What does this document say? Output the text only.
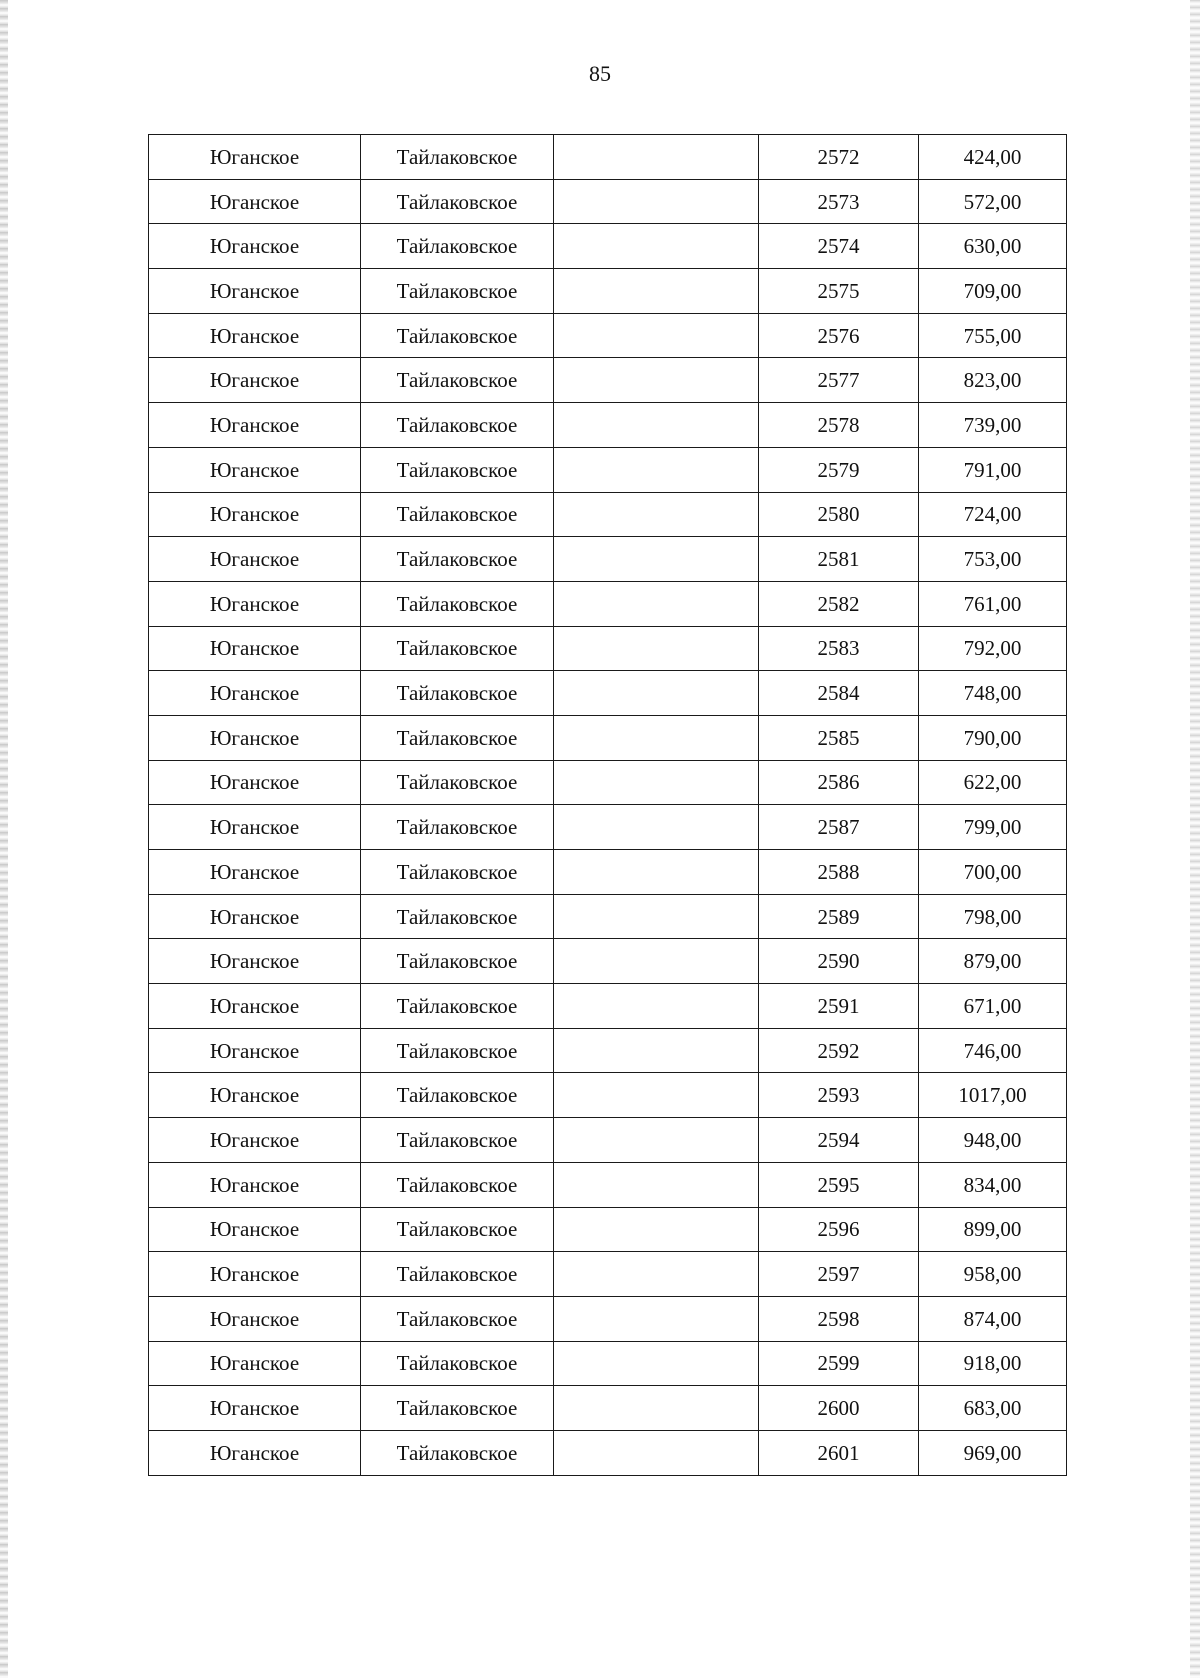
85
Юганское	Тайлаковское		2572	424,00
Юганское	Тайлаковское		2573	572,00
Юганское	Тайлаковское		2574	630,00
Юганское	Тайлаковское		2575	709,00
Юганское	Тайлаковское		2576	755,00
Юганское	Тайлаковское		2577	823,00
Юганское	Тайлаковское		2578	739,00
Юганское	Тайлаковское		2579	791,00
Юганское	Тайлаковское		2580	724,00
Юганское	Тайлаковское		2581	753,00
Юганское	Тайлаковское		2582	761,00
Юганское	Тайлаковское		2583	792,00
Юганское	Тайлаковское		2584	748,00
Юганское	Тайлаковское		2585	790,00
Юганское	Тайлаковское		2586	622,00
Юганское	Тайлаковское		2587	799,00
Юганское	Тайлаковское		2588	700,00
Юганское	Тайлаковское		2589	798,00
Юганское	Тайлаковское		2590	879,00
Юганское	Тайлаковское		2591	671,00
Юганское	Тайлаковское		2592	746,00
Юганское	Тайлаковское		2593	1017,00
Юганское	Тайлаковское		2594	948,00
Юганское	Тайлаковское		2595	834,00
Юганское	Тайлаковское		2596	899,00
Юганское	Тайлаковское		2597	958,00
Юганское	Тайлаковское		2598	874,00
Юганское	Тайлаковское		2599	918,00
Юганское	Тайлаковское		2600	683,00
Юганское	Тайлаковское		2601	969,00
